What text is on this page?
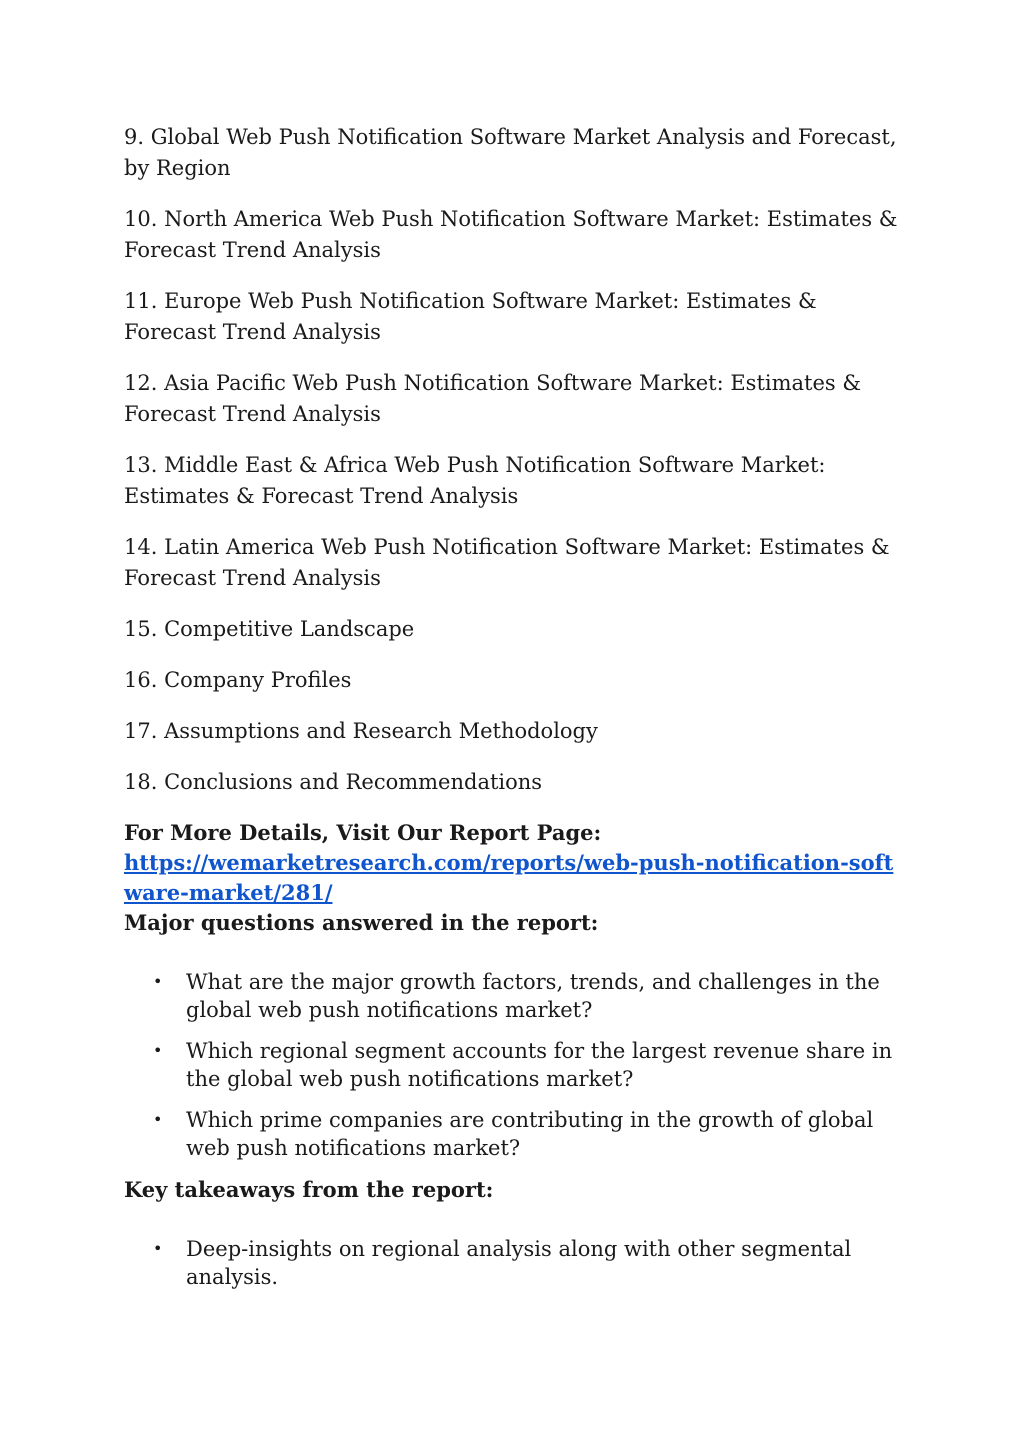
9. Global Web Push Notification Software Market Analysis and Forecast, by Region

10. North America Web Push Notification Software Market: Estimates & Forecast Trend Analysis

11. Europe Web Push Notification Software Market: Estimates & Forecast Trend Analysis

12. Asia Pacific Web Push Notification Software Market: Estimates & Forecast Trend Analysis

13. Middle East & Africa Web Push Notification Software Market: Estimates & Forecast Trend Analysis

14. Latin America Web Push Notification Software Market: Estimates & Forecast Trend Analysis

15. Competitive Landscape

16. Company Profiles

17. Assumptions and Research Methodology

18. Conclusions and Recommendations

For More Details, Visit Our Report Page:

https://wemarketresearch.com/reports/web-push-notification-software-market/281/

Major questions answered in the report:

• What are the major growth factors, trends, and challenges in the global web push notifications market?
• Which regional segment accounts for the largest revenue share in the global web push notifications market?
• Which prime companies are contributing in the growth of global web push notifications market?

Key takeaways from the report:

• Deep-insights on regional analysis along with other segmental analysis.
